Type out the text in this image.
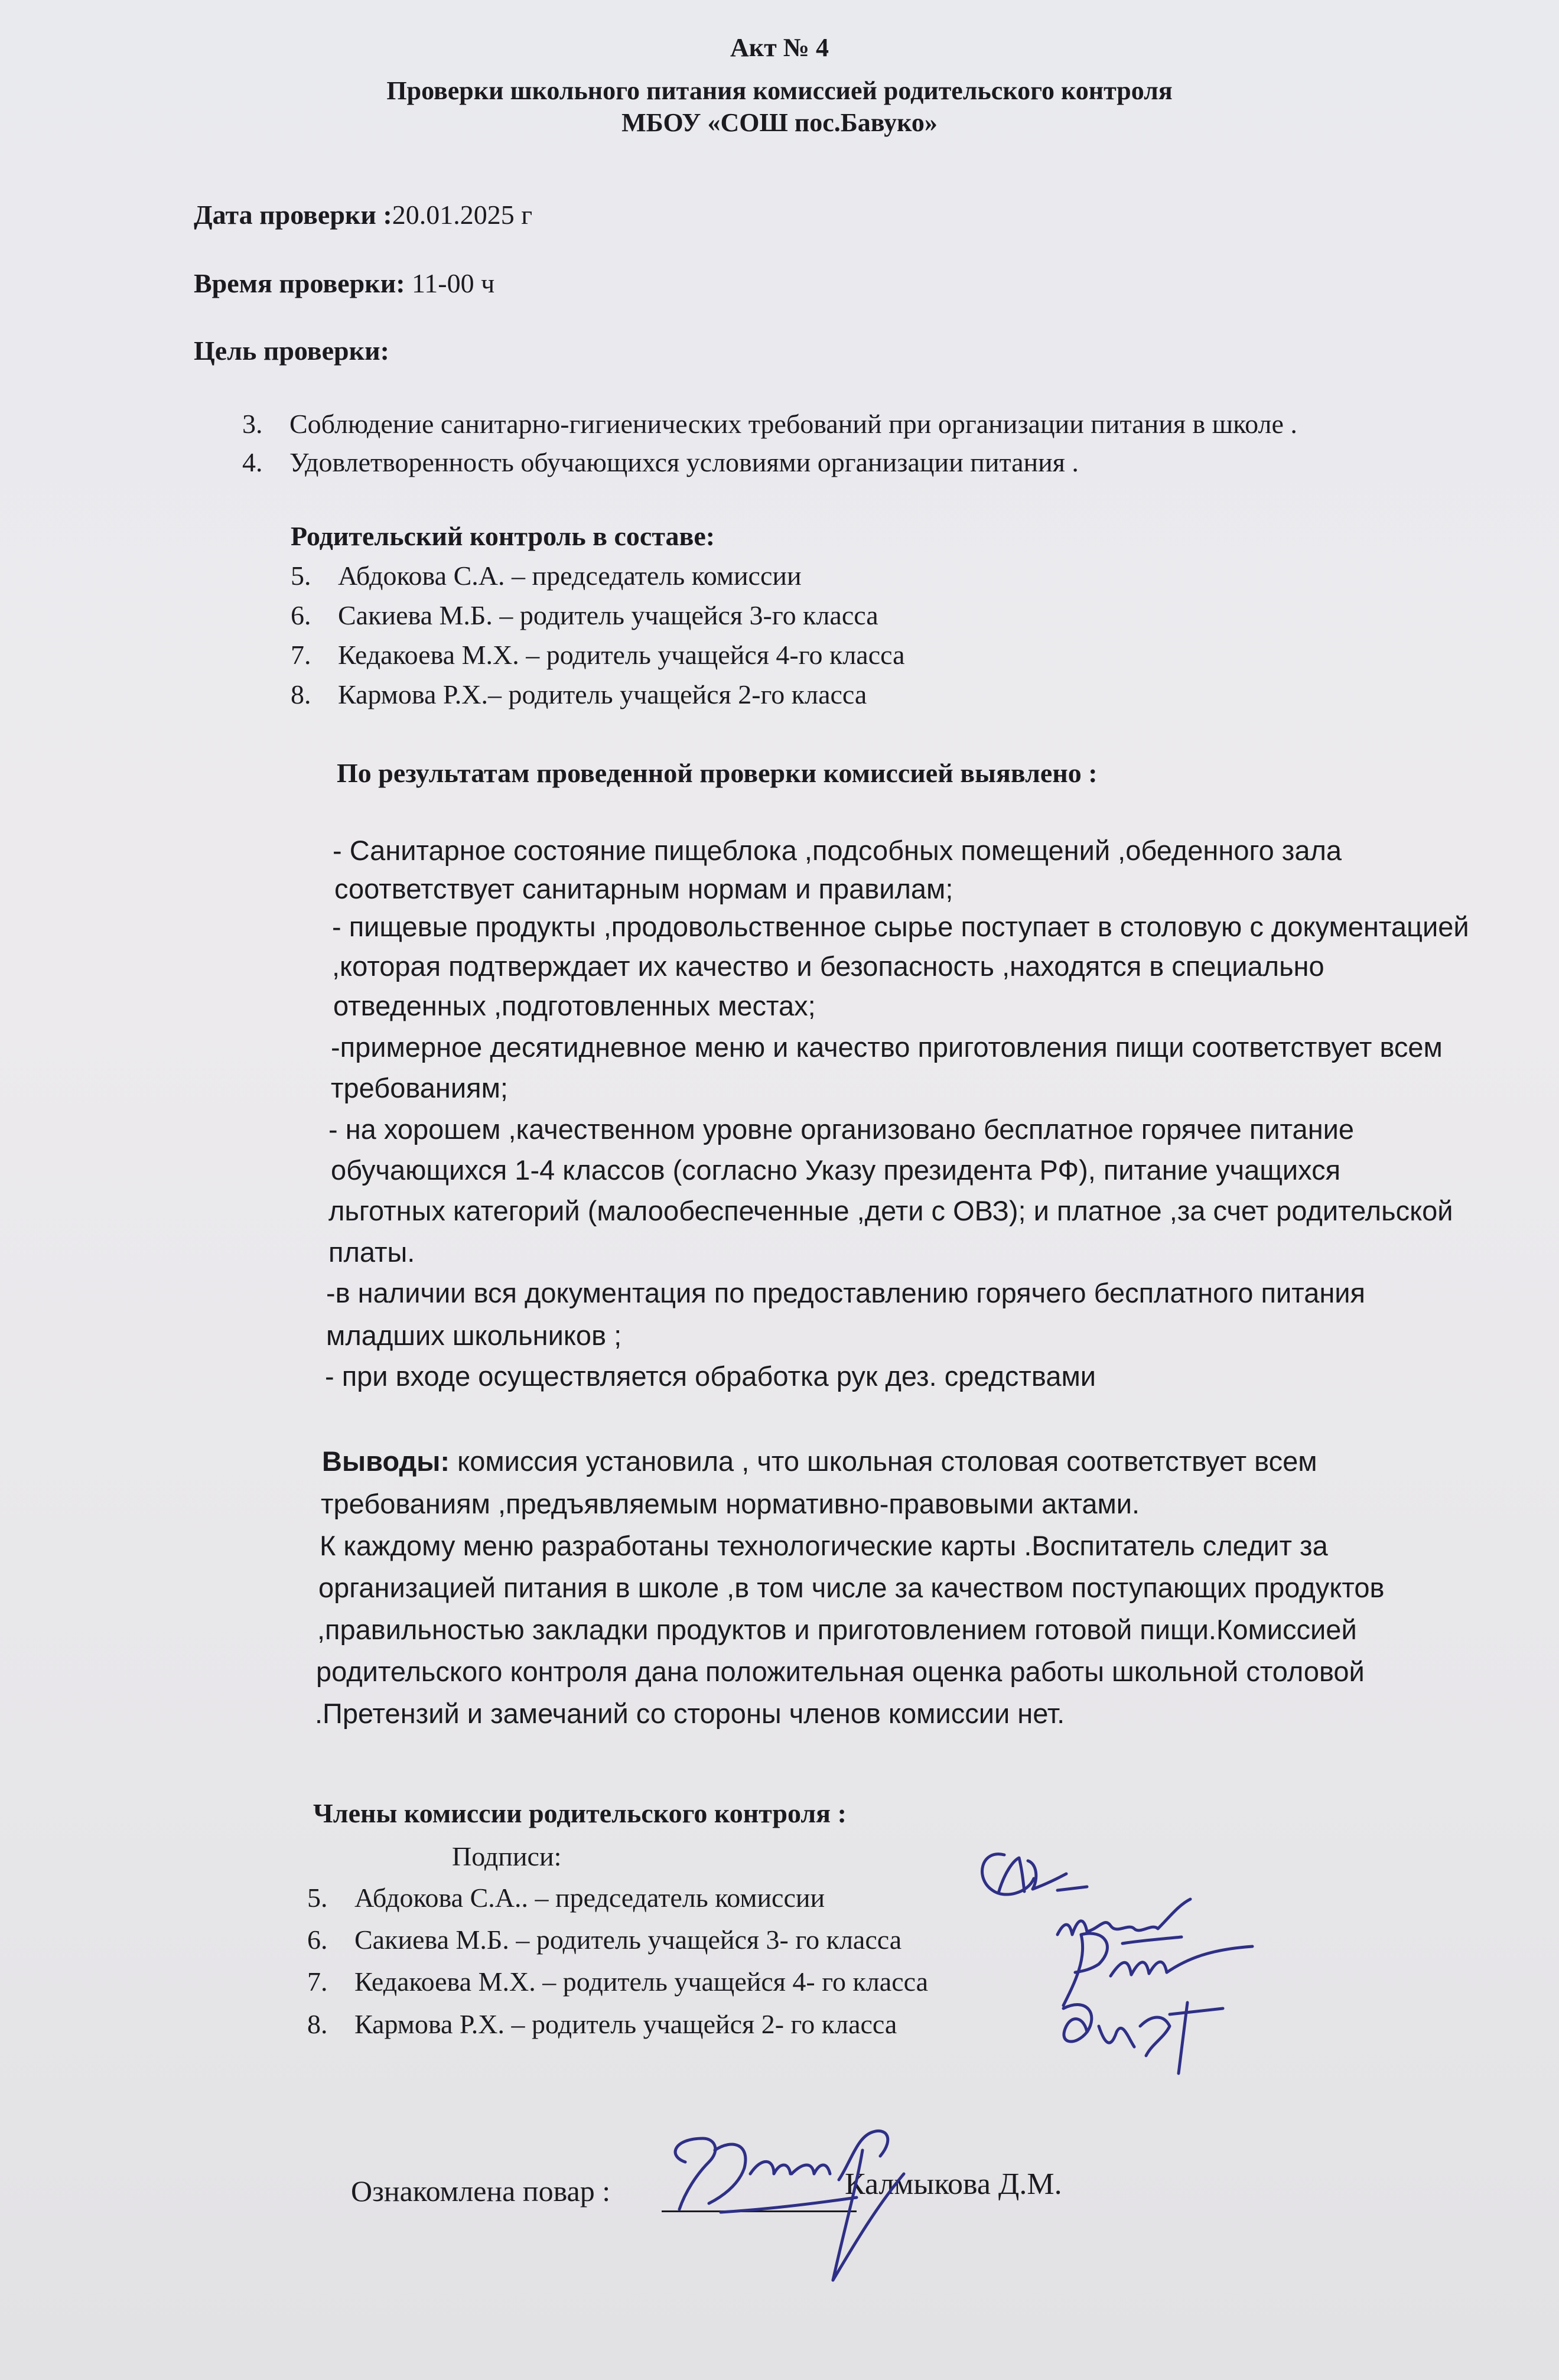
Акт № 4
Проверки школьного питания комиссией родительского контроля
МБОУ «СОШ пос.Бавуко»
Дата проверки :20.01.2025 г
Время проверки: 11-00 ч
Цель проверки:
3. Соблюдение санитарно-гигиенических требований при организации питания в школе .
4. Удовлетворенность обучающихся условиями организации питания .
Родительский контроль в составе:
5. Абдокова С.А. – председатель комиссии
6. Сакиева М.Б. – родитель учащейся 3-го класса
7. Кедакоева М.Х. – родитель учащейся 4-го класса
8. Кармова Р.Х.– родитель учащейся 2-го класса
По результатам проведенной проверки комиссией выявлено :
- Санитарное состояние пищеблока ,подсобных помещений ,обеденного зала
соответствует санитарным нормам и правилам;
- пищевые продукты ,продовольственное сырье поступает в столовую с документацией
,которая подтверждает их качество и безопасность ,находятся в специально
отведенных ,подготовленных местах;
-примерное десятидневное меню и качество приготовления пищи соответствует всем
требованиям;
- на хорошем ,качественном уровне организовано бесплатное горячее питание
обучающихся 1-4 классов (согласно Указу президента РФ), питание учащихся
льготных категорий (малообеспеченные ,дети с ОВЗ); и платное ,за счет родительской
платы.
-в наличии вся документация по предоставлению горячего бесплатного питания
младших школьников ;
- при входе осуществляется обработка рук дез. средствами
Выводы: комиссия установила , что школьная столовая соответствует всем
требованиям ,предъявляемым нормативно-правовыми актами.
К каждому меню разработаны технологические карты .Воспитатель следит за
организацией питания в школе ,в том числе за качеством поступающих продуктов
,правильностью закладки продуктов и приготовлением готовой пищи.Комиссией
родительского контроля дана положительная оценка работы школьной столовой
.Претензий и замечаний со стороны членов комиссии нет.
Члены комиссии родительского контроля :
Подписи:
5. Абдокова С.А.. – председатель комиссии
6. Сакиева М.Б. – родитель учащейся 3- го класса
7. Кедакоева М.Х. – родитель учащейся 4- го класса
8. Кармова Р.Х. – родитель учащейся 2- го класса
Ознакомлена повар :	Калмыкова Д.М.
